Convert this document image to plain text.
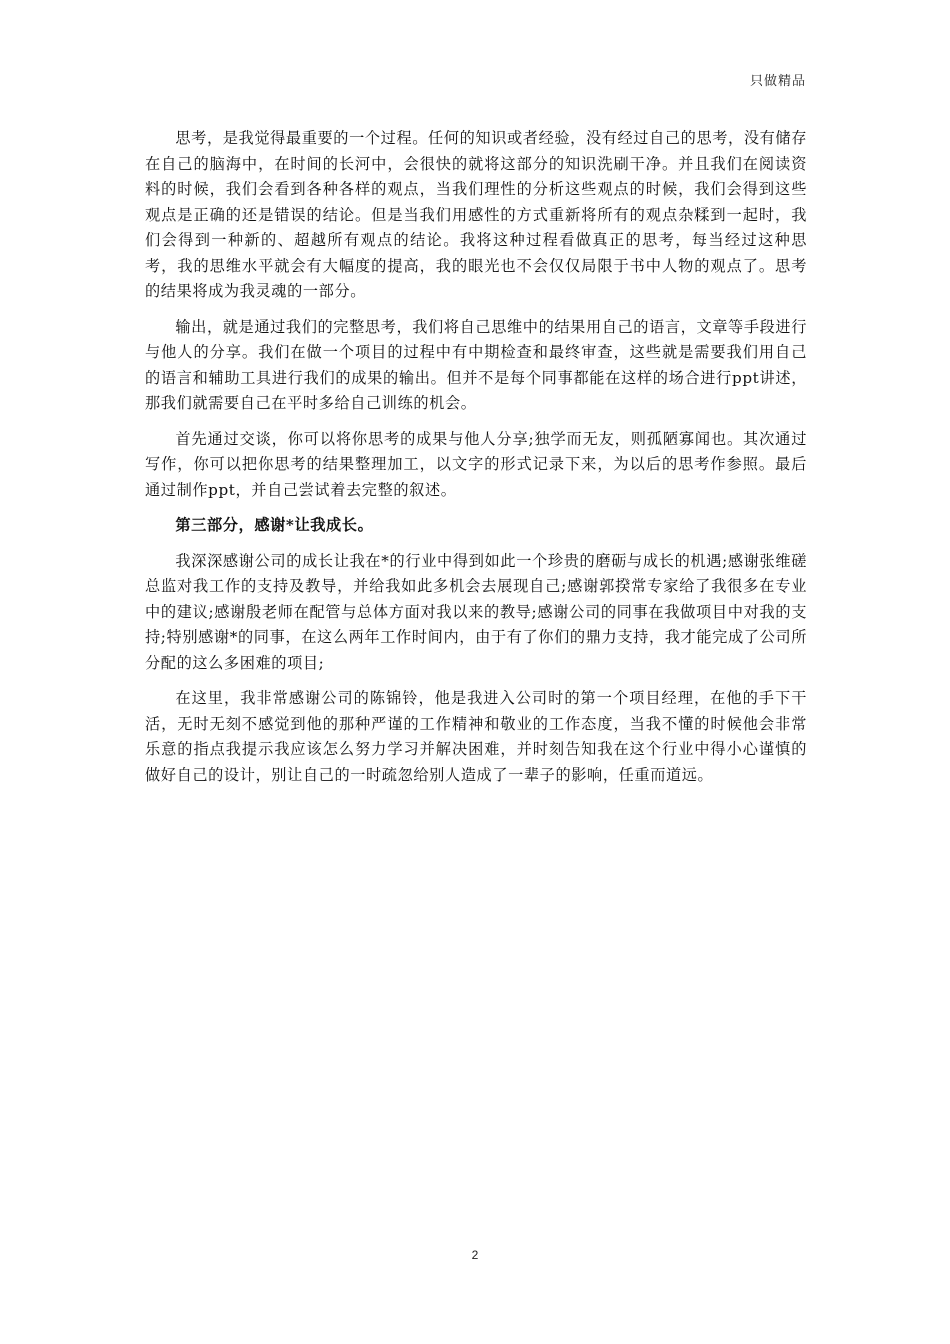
只做精品

思考，是我觉得最重要的一个过程。任何的知识或者经验，没有经过自己的思考，没有储存在自己的脑海中，在时间的长河中，会很快的就将这部分的知识洗刷干净。并且我们在阅读资料的时候，我们会看到各种各样的观点，当我们理性的分析这些观点的时候，我们会得到这些观点是正确的还是错误的结论。但是当我们用感性的方式重新将所有的观点杂糅到一起时，我们会得到一种新的、超越所有观点的结论。我将这种过程看做真正的思考，每当经过这种思考，我的思维水平就会有大幅度的提高，我的眼光也不会仅仅局限于书中人物的观点了。思考的结果将成为我灵魂的一部分。

输出，就是通过我们的完整思考，我们将自己思维中的结果用自己的语言，文章等手段进行与他人的分享。我们在做一个项目的过程中有中期检查和最终审查，这些就是需要我们用自己的语言和辅助工具进行我们的成果的输出。但并不是每个同事都能在这样的场合进行ppt讲述，那我们就需要自己在平时多给自己训练的机会。

首先通过交谈，你可以将你思考的成果与他人分享;独学而无友，则孤陋寡闻也。其次通过写作，你可以把你思考的结果整理加工，以文字的形式记录下来，为以后的思考作参照。最后通过制作ppt，并自己尝试着去完整的叙述。

第三部分，感谢*让我成长。

我深深感谢公司的成长让我在*的行业中得到如此一个珍贵的磨砺与成长的机遇;感谢张维磋总监对我工作的支持及教导，并给我如此多机会去展现自己;感谢郭揆常专家给了我很多在专业中的建议;感谢殷老师在配管与总体方面对我以来的教导;感谢公司的同事在我做项目中对我的支持;特别感谢*的同事，在这么两年工作时间内，由于有了你们的鼎力支持，我才能完成了公司所分配的这么多困难的项目;

在这里，我非常感谢公司的陈锦铃，他是我进入公司时的第一个项目经理，在他的手下干活，无时无刻不感觉到他的那种严谨的工作精神和敬业的工作态度，当我不懂的时候他会非常乐意的指点我提示我应该怎么努力学习并解决困难，并时刻告知我在这个行业中得小心谨慎的做好自己的设计，别让自己的一时疏忽给别人造成了一辈子的影响，任重而道远。

2
